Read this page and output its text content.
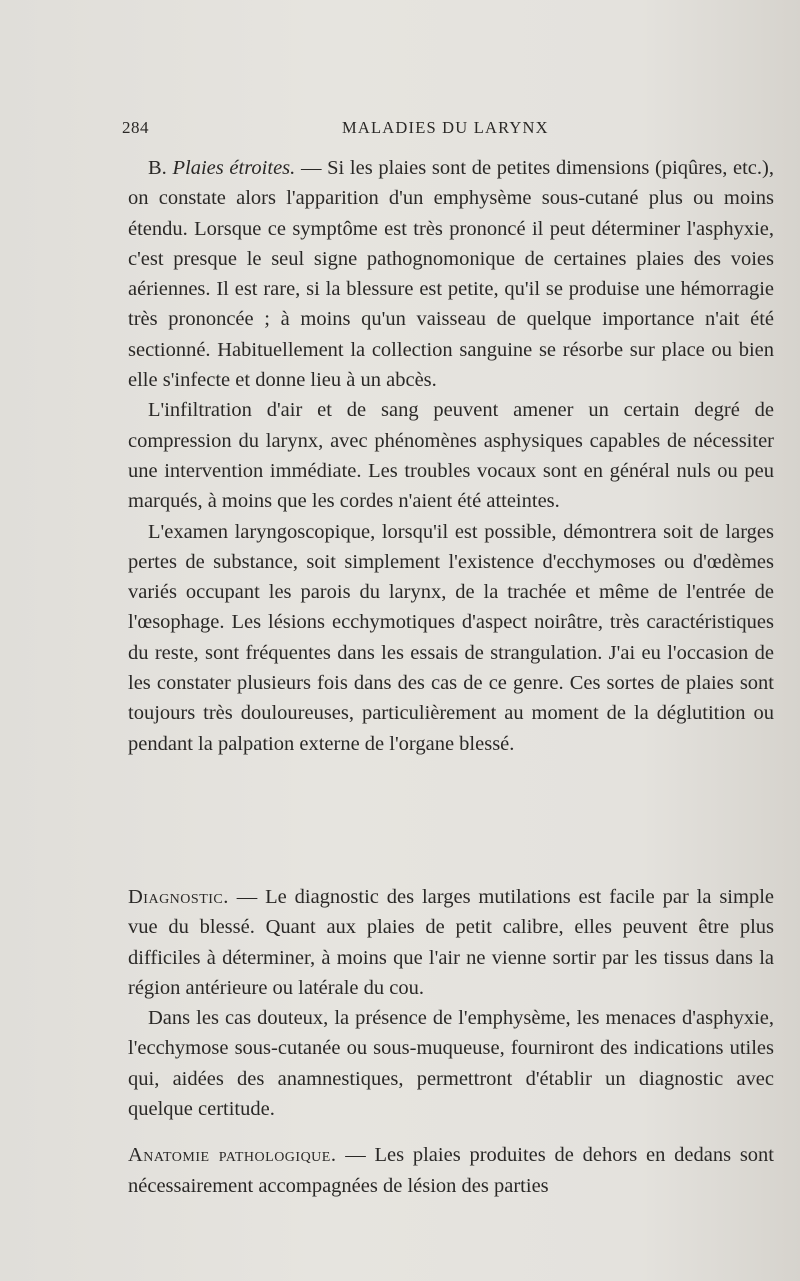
284	MALADIES DU LARYNX

B. Plaies étroites. — Si les plaies sont de petites dimensions (piqûres, etc.), on constate alors l'apparition d'un emphysème sous-cutané plus ou moins étendu. Lorsque ce symptôme est très prononcé il peut déterminer l'asphyxie, c'est presque le seul signe pathognomonique de certaines plaies des voies aériennes. Il est rare, si la blessure est petite, qu'il se produise une hémorragie très prononcée ; à moins qu'un vaisseau de quelque importance n'ait été sectionné. Habituellement la collection sanguine se résorbe sur place ou bien elle s'infecte et donne lieu à un abcès.

L'infiltration d'air et de sang peuvent amener un certain degré de compression du larynx, avec phénomènes asphysiques capables de nécessiter une intervention immédiate. Les troubles vocaux sont en général nuls ou peu marqués, à moins que les cordes n'aient été atteintes.

L'examen laryngoscopique, lorsqu'il est possible, démontrera soit de larges pertes de substance, soit simplement l'existence d'ecchymoses ou d'œdèmes variés occupant les parois du larynx, de la trachée et même de l'entrée de l'œsophage. Les lésions ecchymotiques d'aspect noirâtre, très caractéristiques du reste, sont fréquentes dans les essais de strangulation. J'ai eu l'occasion de les constater plusieurs fois dans des cas de ce genre. Ces sortes de plaies sont toujours très douloureuses, particulièrement au moment de la déglutition ou pendant la palpation externe de l'organe blessé.

Diagnostic. — Le diagnostic des larges mutilations est facile par la simple vue du blessé. Quant aux plaies de petit calibre, elles peuvent être plus difficiles à déterminer, à moins que l'air ne vienne sortir par les tissus dans la région antérieure ou latérale du cou.

Dans les cas douteux, la présence de l'emphysème, les menaces d'asphyxie, l'ecchymose sous-cutanée ou sous-muqueuse, fourniront des indications utiles qui, aidées des anamnestiques, permettront d'établir un diagnostic avec quelque certitude.

Anatomie pathologique. — Les plaies produites de dehors en dedans sont nécessairement accompagnées de lésion des parties
